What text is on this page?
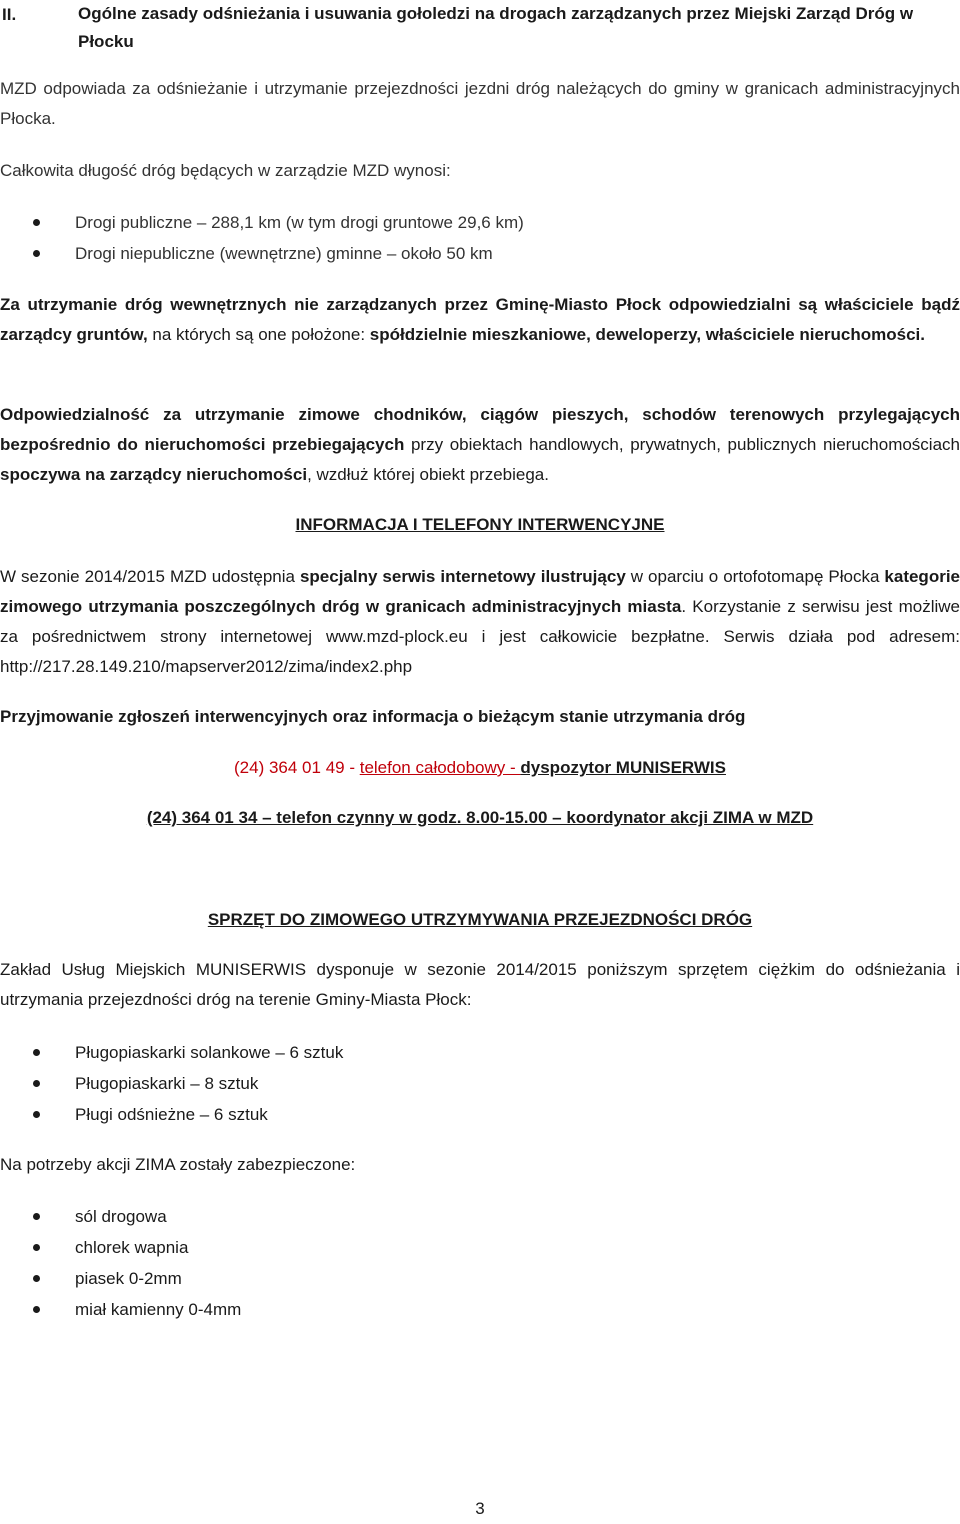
II.	Ogólne zasady odśnieżania i usuwania gołoledzi na drogach zarządzanych przez Miejski Zarząd Dróg w Płocku

MZD odpowiada za odśnieżanie i utrzymanie przejezdności jezdni dróg należących do gminy w granicach administracyjnych Płocka.

Całkowita długość dróg będących w zarządzie MZD wynosi:

Drogi publiczne – 288,1 km (w tym drogi gruntowe 29,6 km)
Drogi niepubliczne (wewnętrzne) gminne – około 50 km

Za utrzymanie dróg wewnętrznych nie zarządzanych przez Gminę-Miasto Płock odpowiedzialni są właściciele bądź zarządcy gruntów, na których są one położone: spółdzielnie mieszkaniowe, deweloperzy, właściciele nieruchomości.

Odpowiedzialność za utrzymanie zimowe chodników, ciągów pieszych, schodów terenowych przylegających bezpośrednio do nieruchomości przebiegających przy obiektach handlowych, prywatnych, publicznych nieruchomościach spoczywa na zarządcy nieruchomości, wzdłuż której obiekt przebiega.

INFORMACJA I TELEFONY INTERWENCYJNE

W sezonie 2014/2015 MZD udostępnia specjalny serwis internetowy ilustrujący w oparciu o ortofotomapę Płocka kategorie zimowego utrzymania poszczególnych dróg w granicach administracyjnych miasta. Korzystanie z serwisu jest możliwe za pośrednictwem strony internetowej www.mzd-plock.eu i jest całkowicie bezpłatne. Serwis działa pod adresem: http://217.28.149.210/mapserver2012/zima/index2.php

Przyjmowanie zgłoszeń interwencyjnych oraz informacja o bieżącym stanie utrzymania dróg

(24) 364 01 49 - telefon całodobowy - dyspozytor MUNISERWIS

(24) 364 01 34 – telefon czynny w godz. 8.00-15.00 – koordynator akcji ZIMA w MZD

SPRZĘT DO ZIMOWEGO UTRZYMYWANIA PRZEJEZDNOŚCI DRÓG

Zakład Usług Miejskich MUNISERWIS dysponuje w sezonie 2014/2015 poniższym sprzętem ciężkim do odśnieżania i utrzymania przejezdności dróg na terenie Gminy-Miasta Płock:

Pługopiaskarki solankowe – 6 sztuk
Pługopiaskarki – 8 sztuk
Pługi odśnieżne – 6 sztuk

Na potrzeby akcji ZIMA zostały zabezpieczone:

sól drogowa
chlorek wapnia
piasek 0-2mm
miał kamienny 0-4mm
3
